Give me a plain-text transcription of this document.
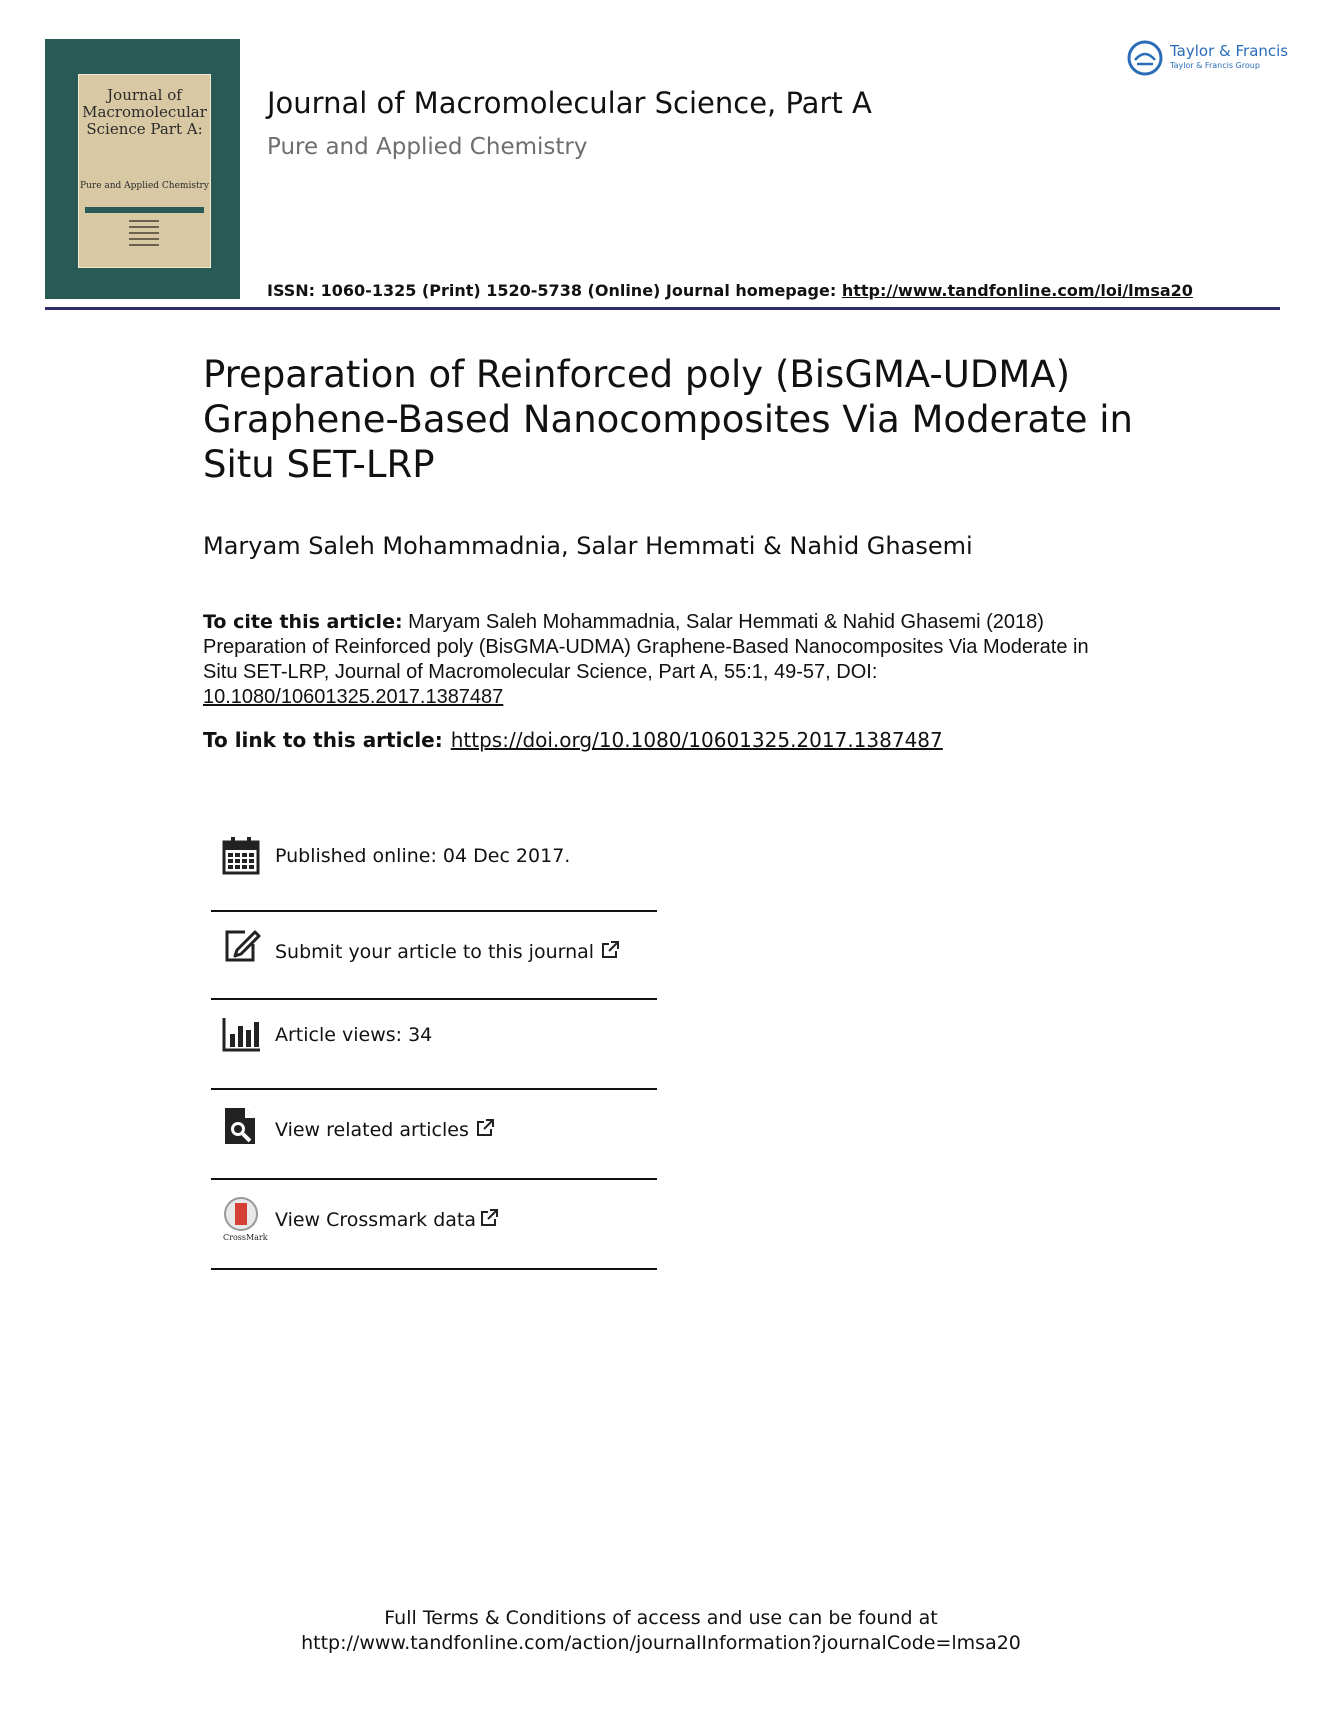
Journal of
Macromolecular
Science Part A:
Pure and Applied Chemistry
Journal of Macromolecular Science, Part A
Pure and Applied Chemistry
ISSN: 1060-1325 (Print) 1520-5738 (Online) Journal homepage: http://www.tandfonline.com/loi/lmsa20
Taylor & Francis
Taylor & Francis Group
Preparation of Reinforced poly (BisGMA-UDMA) Graphene-Based Nanocomposites Via Moderate in Situ SET-LRP
Maryam Saleh Mohammadnia, Salar Hemmati & Nahid Ghasemi
To cite this article: Maryam Saleh Mohammadnia, Salar Hemmati & Nahid Ghasemi (2018) Preparation of Reinforced poly (BisGMA-UDMA) Graphene-Based Nanocomposites Via Moderate in Situ SET-LRP, Journal of Macromolecular Science, Part A, 55:1, 49-57, DOI: 10.1080/10601325.2017.1387487
To link to this article: https://doi.org/10.1080/10601325.2017.1387487
Published online: 04 Dec 2017.
Submit your article to this journal
Article views: 34
View related articles
CrossMark
View Crossmark data
Full Terms & Conditions of access and use can be found at
http://www.tandfonline.com/action/journalInformation?journalCode=lmsa20
